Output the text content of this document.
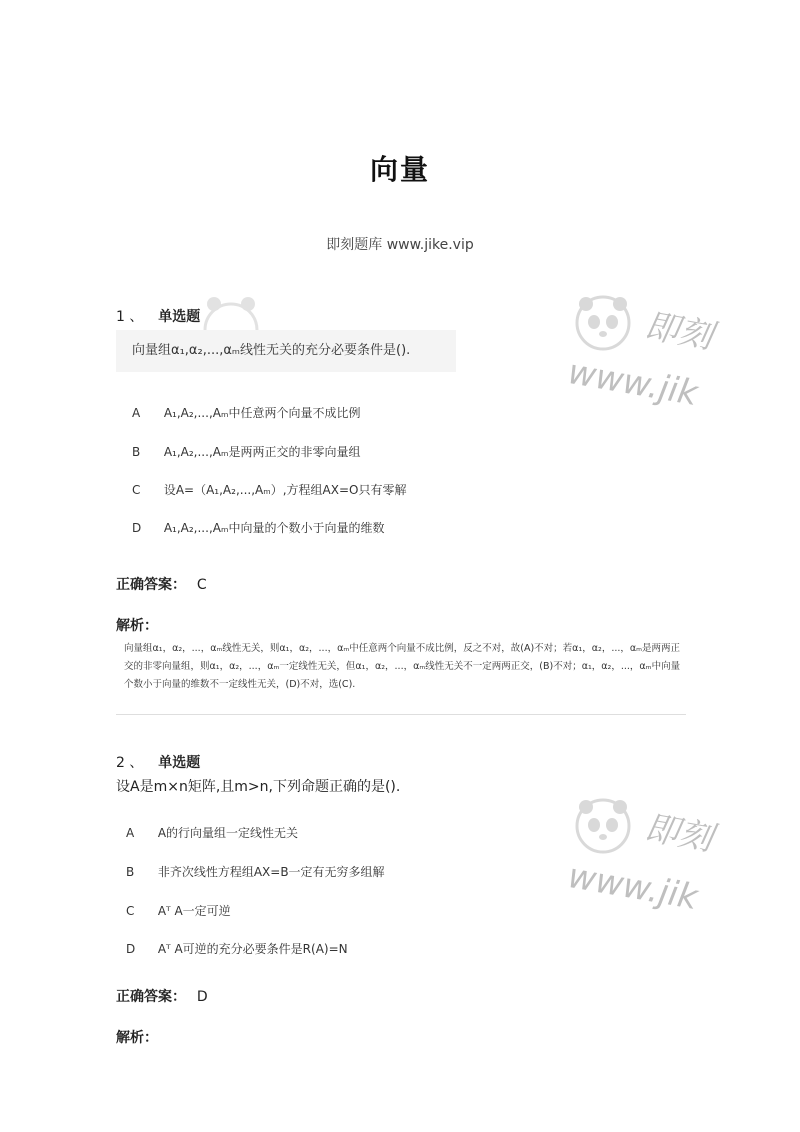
即刻
www.jik
即刻
www.jik
向量
即刻题库 www.jike.vip
1 、 单选题
向量组α₁,α₂,...,αₘ线性无关的充分必要条件是().
A A₁,A₂,...,Aₘ中任意两个向量不成比例
B A₁,A₂,...,Aₘ是两两正交的非零向量组
C 设A=（A₁,A₂,...,Aₘ）,方程组AX=O只有零解
D A₁,A₂,...,Aₘ中向量的个数小于向量的维数
正确答案： C
解析：
向量组α₁，α₂，...，αₘ线性无关，则α₁，α₂，...，αₘ中任意两个向量不成比例，反之不对，故(A)不对；若α₁，α₂，...，αₘ是两两正交的非零向量组，则α₁，α₂，...，αₘ一定线性无关，但α₁，α₂，...，αₘ线性无关不一定两两正交，(B)不对；α₁，α₂，...，αₘ中向量个数小于向量的维数不一定线性无关，(D)不对，选(C).
2 、 单选题
设A是m×n矩阵,且m>n,下列命题正确的是().
A A的行向量组一定线性无关
B 非齐次线性方程组AX=B一定有无穷多组解
C Aᵀ A一定可逆
D Aᵀ A可逆的充分必要条件是R(A)=N
正确答案： D
解析：
